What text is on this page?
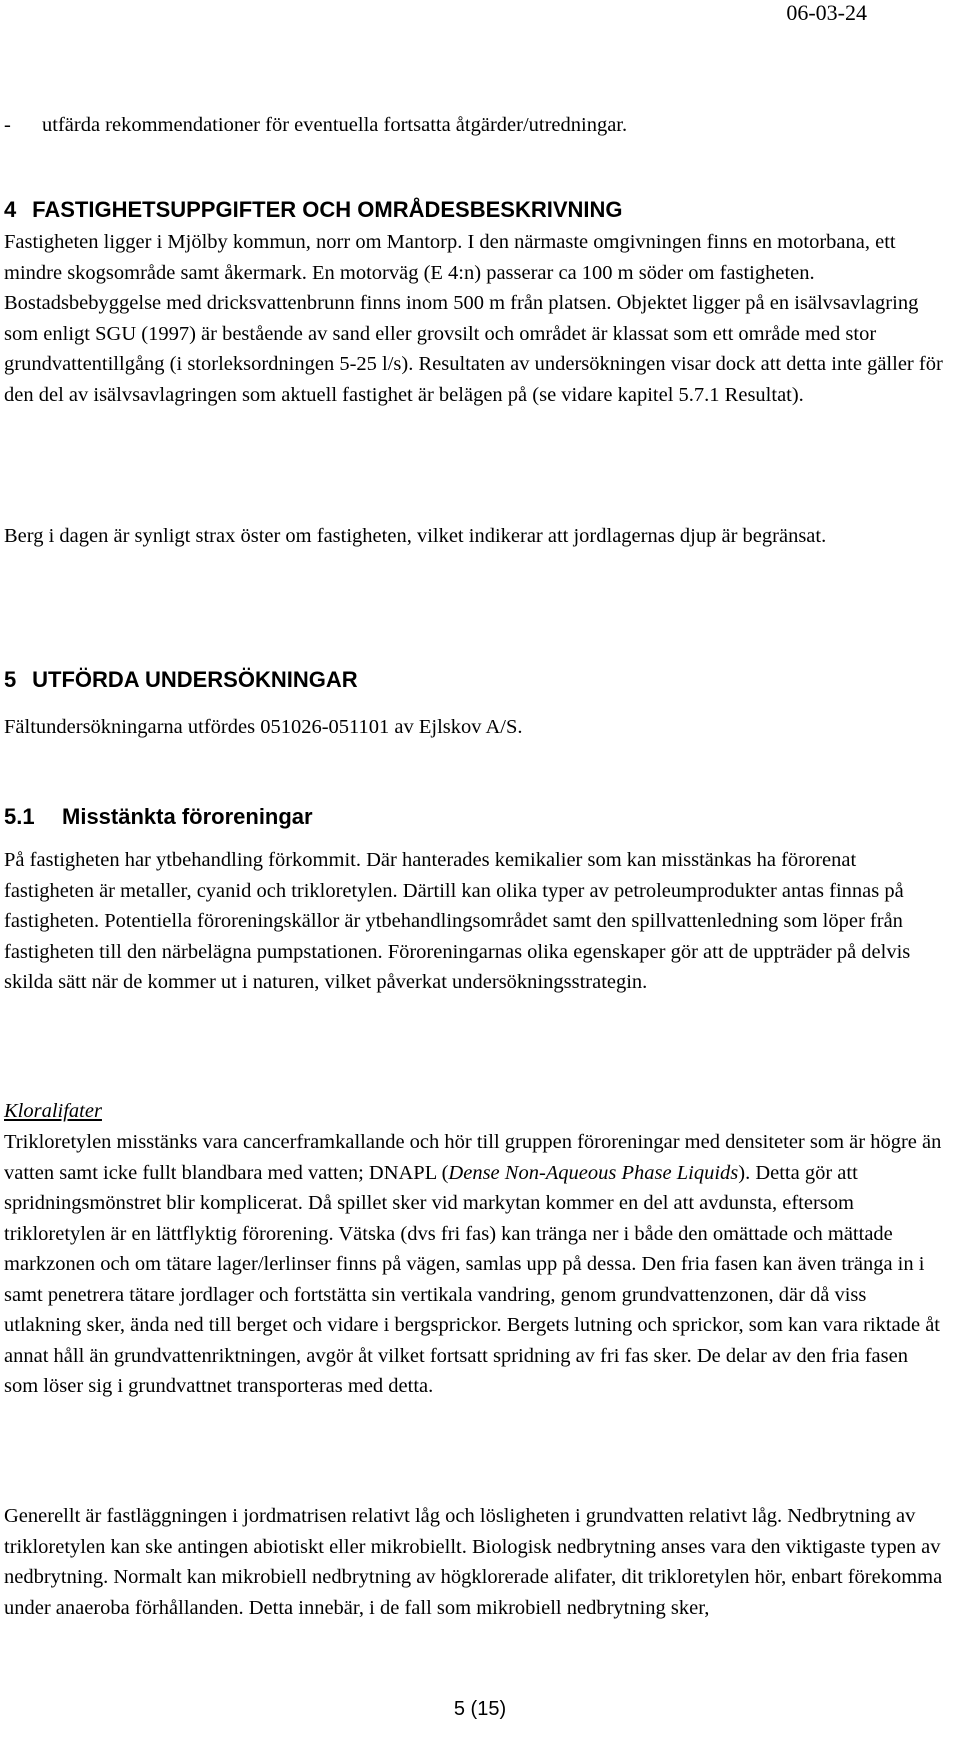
06-03-24
- utfärda rekommendationer för eventuella fortsatta åtgärder/utredningar.
4 FASTIGHETSUPPGIFTER OCH OMRÅDESBESKRIVNING

Fastigheten ligger i Mjölby kommun, norr om Mantorp. I den närmaste omgivningen finns en motorbana, ett mindre skogsområde samt åkermark. En motorväg (E 4:n) passerar ca 100 m söder om fastigheten. Bostadsbebyggelse med dricksvattenbrunn finns inom 500 m från platsen. Objektet ligger på en isälvsavlagring som enligt SGU (1997) är bestående av sand eller grovsilt och området är klassat som ett område med stor grundvattentillgång (i storleksordningen 5-25 l/s). Resultaten av undersökningen visar dock att detta inte gäller för den del av isälvsavlagringen som aktuell fastighet är belägen på (se vidare kapitel 5.7.1 Resultat).

Berg i dagen är synligt strax öster om fastigheten, vilket indikerar att jordlagernas djup är begränsat.

5 UTFÖRDA UNDERSÖKNINGAR

Fältundersökningarna utfördes 051026-051101 av Ejlskov A/S.

5.1 Misstänkta föroreningar

På fastigheten har ytbehandling förkommit. Där hanterades kemikalier som kan misstänkas ha förorenat fastigheten är metaller, cyanid och trikloretylen. Därtill kan olika typer av petroleumprodukter antas finnas på fastigheten. Potentiella föroreningskällor är ytbehandlingsområdet samt den spillvattenledning som löper från fastigheten till den närbelägna pumpstationen. Föroreningarnas olika egenskaper gör att de uppträder på delvis skilda sätt när de kommer ut i naturen, vilket påverkat undersökningsstrategin.

Kloralifater

Trikloretylen misstänks vara cancerframkallande och hör till gruppen föroreningar med densiteter som är högre än vatten samt icke fullt blandbara med vatten; DNAPL (Dense Non-Aqueous Phase Liquids). Detta gör att spridningsmönstret blir komplicerat. Då spillet sker vid markytan kommer en del att avdunsta, eftersom trikloretylen är en lättflyktig förorening. Vätska (dvs fri fas) kan tränga ner i både den omättade och mättade markzonen och om tätare lager/lerlinser finns på vägen, samlas upp på dessa. Den fria fasen kan även tränga in i samt penetrera tätare jordlager och fortstätta sin vertikala vandring, genom grundvattenzonen, där då viss utlakning sker, ända ned till berget och vidare i bergsprickor. Bergets lutning och sprickor, som kan vara riktade åt annat håll än grundvattenriktningen, avgör åt vilket fortsatt spridning av fri fas sker. De delar av den fria fasen som löser sig i grundvattnet transporteras med detta.

Generellt är fastläggningen i jordmatrisen relativt låg och lösligheten i grundvatten relativt låg. Nedbrytning av trikloretylen kan ske antingen abiotiskt eller mikrobiellt. Biologisk nedbrytning anses vara den viktigaste typen av nedbrytning. Normalt kan mikrobiell nedbrytning av högklorerade alifater, dit trikloretylen hör, enbart förekomma under anaeroba förhållanden. Detta innebär, i de fall som mikrobiell nedbrytning sker,

5 (15)
